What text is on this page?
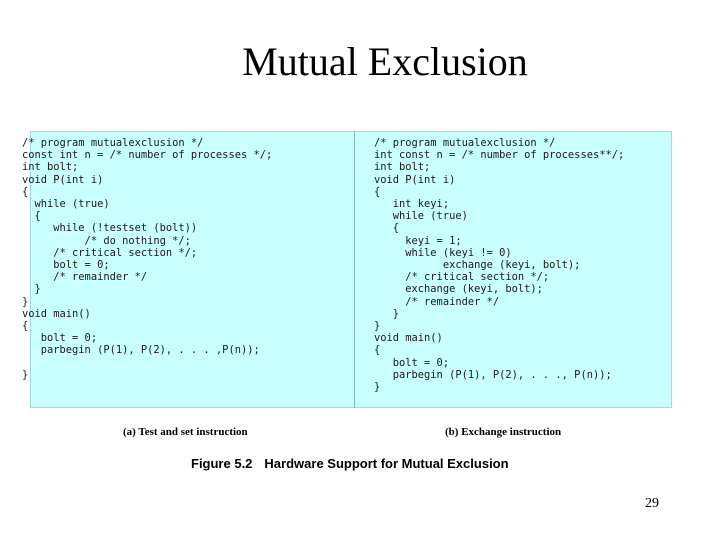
Mutual Exclusion
/* program mutualexclusion */
const int n = /* number of processes */;
int bolt;
void P(int i)
{
while (true)
{
while (!testset (bolt))
/* do nothing */;
/* critical section */;
bolt = 0;
/* remainder */
}
}
void main()
{
bolt = 0;
parbegin (P(1), P(2), . . . ,P(n));
}
/* program mutualexclusion */
int const n = /* number of processes**/;
int bolt;
void P(int i)
{
int keyi;
while (true)
{
keyi = 1;
while (keyi != 0)
exchange (keyi, bolt);
/* critical section */;
exchange (keyi, bolt);
/* remainder */
}
}
void main()
{
bolt = 0;
parbegin (P(1), P(2), . . ., P(n));
}
(a) Test and set instruction	(b) Exchange instruction
Figure 5.2 Hardware Support for Mutual Exclusion
29
